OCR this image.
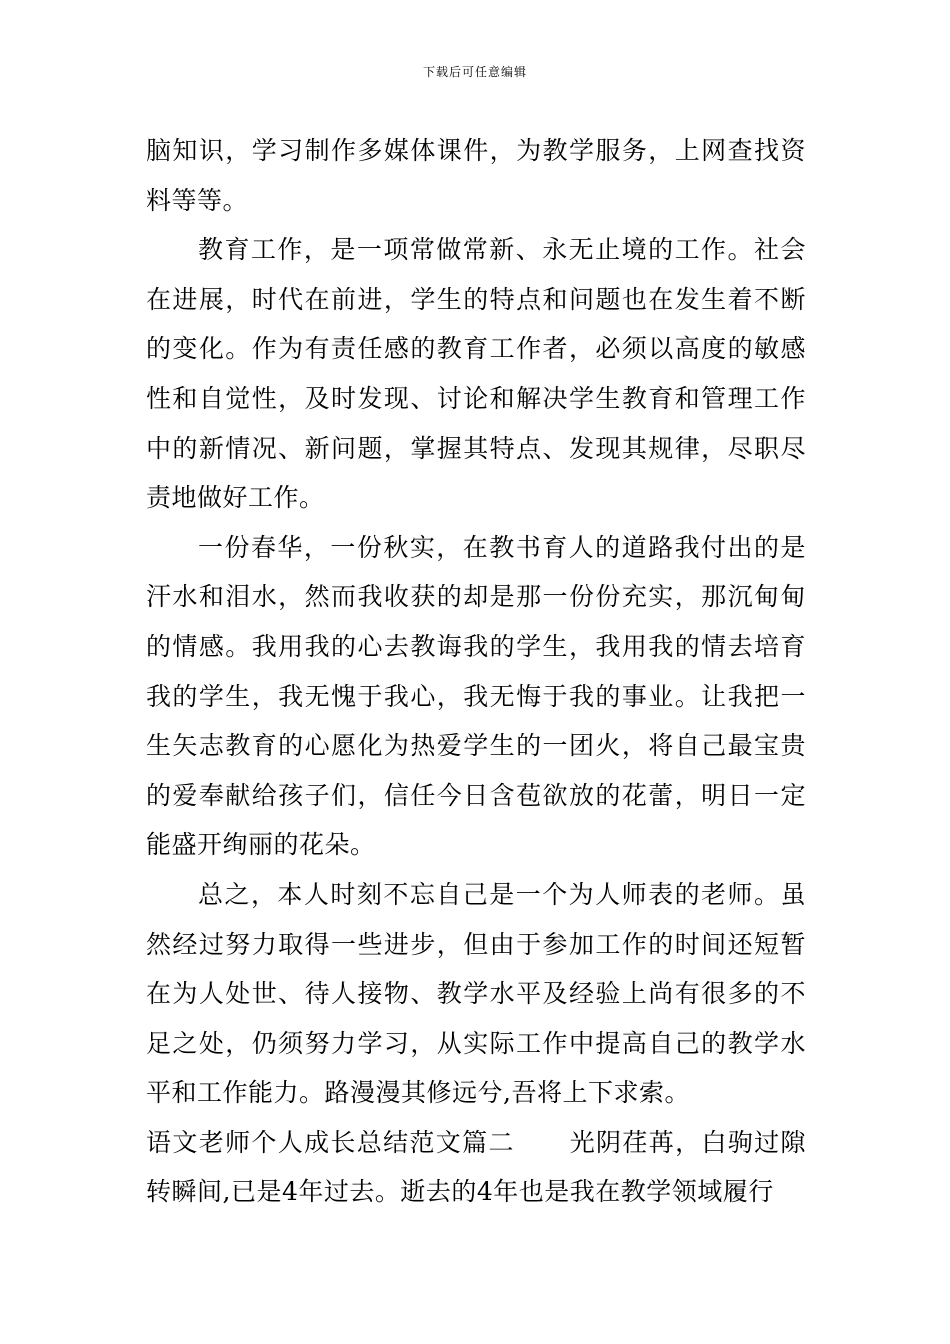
下载后可任意编辑

脑知识，学习制作多媒体课件，为教学服务，上网查找资料等等。

教育工作，是一项常做常新、永无止境的工作。社会在进展，时代在前进，学生的特点和问题也在发生着不断的变化。作为有责任感的教育工作者，必须以高度的敏感性和自觉性，及时发现、讨论和解决学生教育和管理工作中的新情况、新问题，掌握其特点、发现其规律，尽职尽责地做好工作。

一份春华，一份秋实，在教书育人的道路我付出的是汗水和泪水，然而我收获的却是那一份份充实，那沉甸甸的情感。我用我的心去教诲我的学生，我用我的情去培育我的学生，我无愧于我心，我无悔于我的事业。让我把一生矢志教育的心愿化为热爱学生的一团火，将自己最宝贵的爱奉献给孩子们，信任今日含苞欲放的花蕾，明日一定能盛开绚丽的花朵。

总之，本人时刻不忘自己是一个为人师表的老师。虽然经过努力取得一些进步，但由于参加工作的时间还短暂在为人处世、待人接物、教学水平及经验上尚有很多的不足之处，仍须努力学习，从实际工作中提高自己的教学水平和工作能力。路漫漫其修远兮,吾将上下求索。

语文老师个人成长总结范文篇二 光阴荏苒，白驹过隙转瞬间,已是4年过去。逝去的4年也是我在教学领域履行
